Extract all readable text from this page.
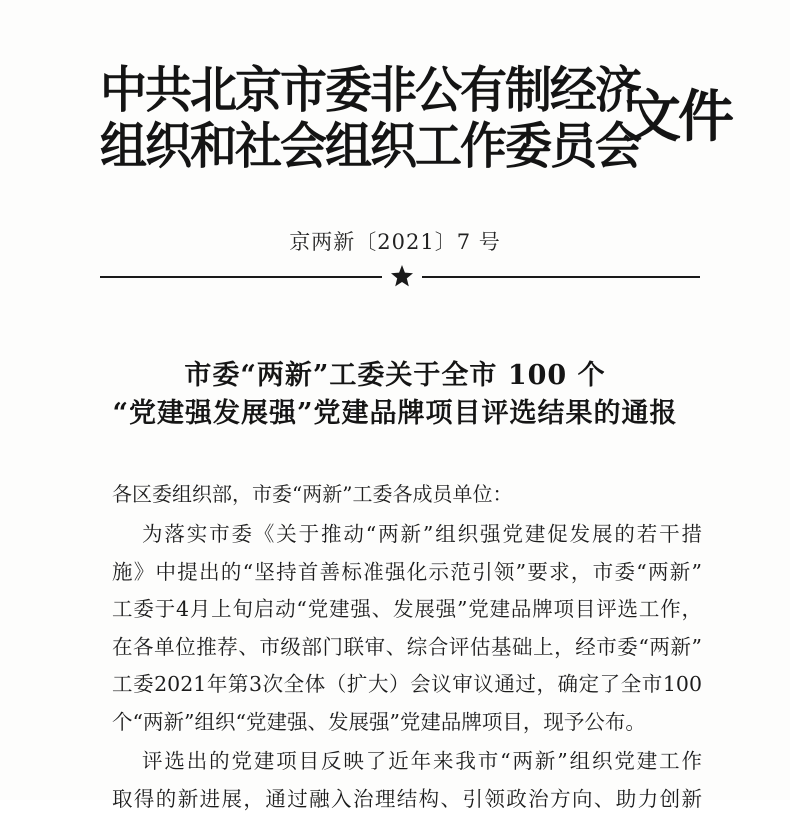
中共北京市委非公有制经济
组织和社会组织工作委员会
文件
京两新〔2021〕7 号
市委“两新”工委关于全市 100 个
“党建强发展强”党建品牌项目评选结果的通报
各区委组织部，市委“两新”工委各成员单位：
为落实市委《关于推动“两新”组织强党建促发展的若干措
施》中提出的“坚持首善标准强化示范引领”要求，市委“两新”
工委于4月上旬启动“党建强、发展强”党建品牌项目评选工作，
在各单位推荐、市级部门联审、综合评估基础上，经市委“两新”
工委2021年第3次全体（扩大）会议审议通过，确定了全市100
个“两新”组织“党建强、发展强”党建品牌项目，现予公布。
评选出的党建项目反映了近年来我市“两新”组织党建工作
取得的新进展，通过融入治理结构、引领政治方向、助力创新
